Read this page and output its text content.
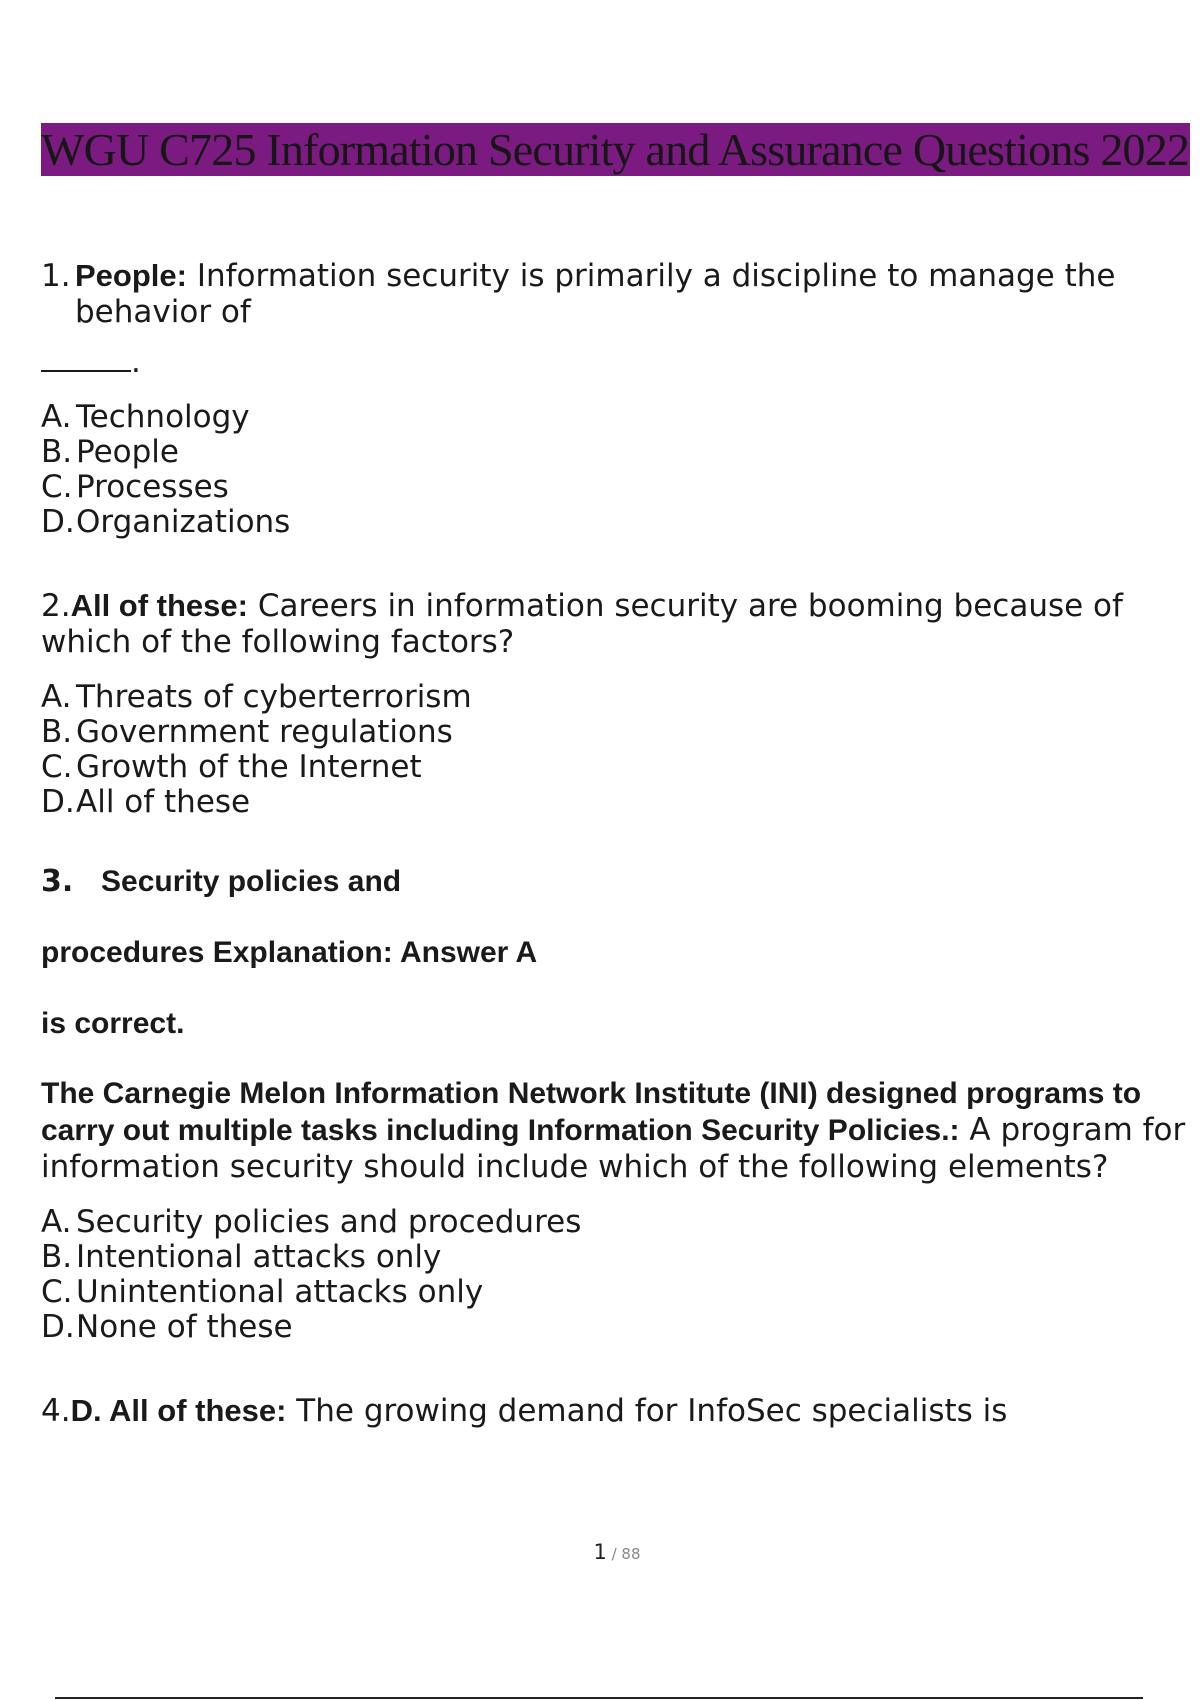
WGU C725 Information Security and Assurance Questions 2022
1. People: Information security is primarily a discipline to manage the behavior of
.
A. Technology
B. People
C. Processes
D. Organizations
2.All of these: Careers in information security are booming because of which of the following factors?
A. Threats of cyberterrorism
B. Government regulations
C. Growth of the Internet
D. All of these
3. Security policies and
procedures Explanation: Answer A
is correct.
The Carnegie Melon Information Network Institute (INI) designed programs to carry out multiple tasks including Information Security Policies.: A program for information security should include which of the following elements?
A. Security policies and procedures
B. Intentional attacks only
C. Unintentional attacks only
D. None of these
4.D. All of these: The growing demand for InfoSec specialists is
1 / 88
